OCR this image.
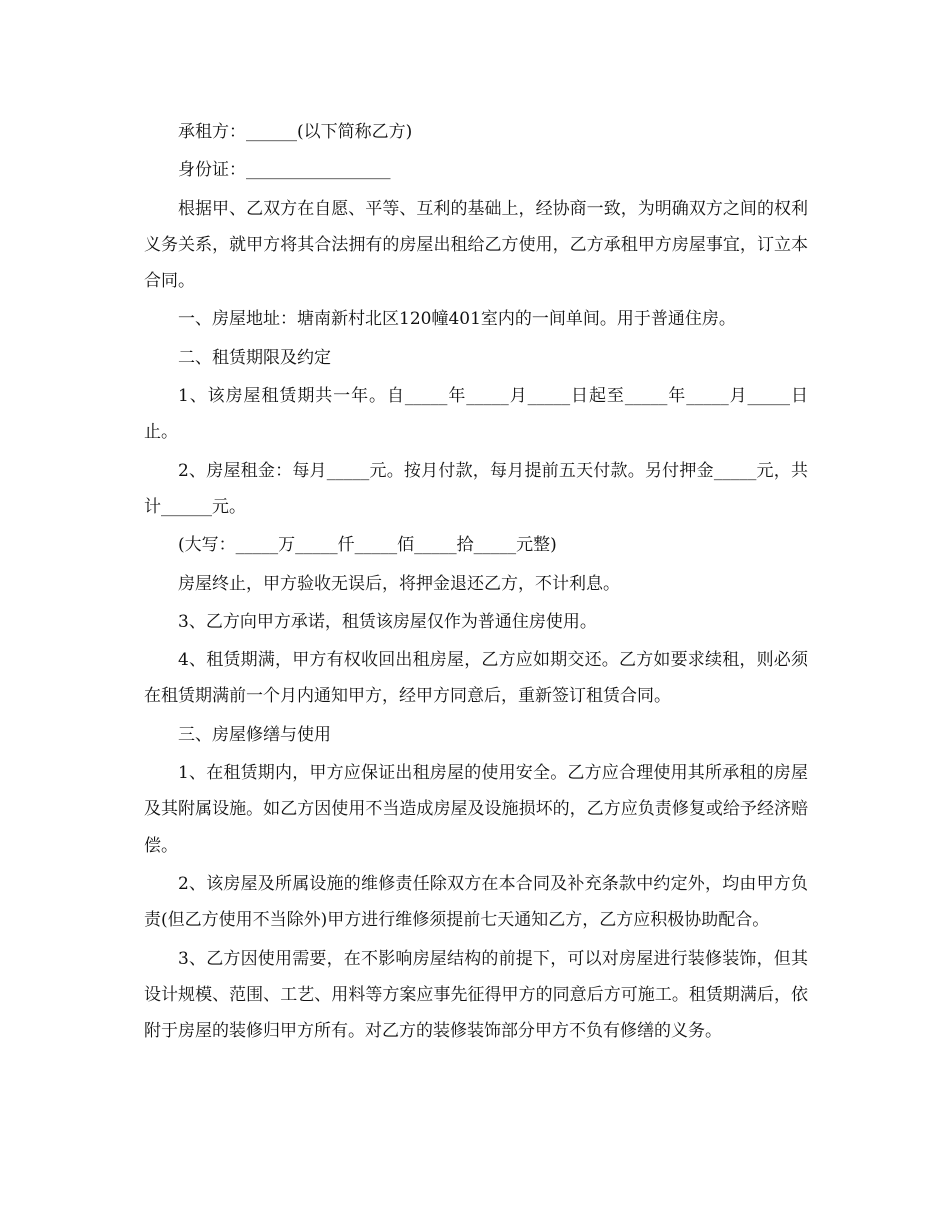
承租方：______(以下简称乙方)

身份证：_________________

根据甲、乙双方在自愿、平等、互利的基础上，经协商一致，为明确双方之间的权利义务关系，就甲方将其合法拥有的房屋出租给乙方使用，乙方承租甲方房屋事宜，订立本合同。

一、房屋地址：塘南新村北区120幢401室内的一间单间。用于普通住房。

二、租赁期限及约定

1、该房屋租赁期共一年。自_____年_____月_____日起至_____年_____月_____日止。

2、房屋租金：每月_____元。按月付款，每月提前五天付款。另付押金_____元，共计______元。

(大写：_____万_____仟_____佰_____拾_____元整)

房屋终止，甲方验收无误后，将押金退还乙方，不计利息。

3、乙方向甲方承诺，租赁该房屋仅作为普通住房使用。

4、租赁期满，甲方有权收回出租房屋，乙方应如期交还。乙方如要求续租，则必须在租赁期满前一个月内通知甲方，经甲方同意后，重新签订租赁合同。

三、房屋修缮与使用

1、在租赁期内，甲方应保证出租房屋的使用安全。乙方应合理使用其所承租的房屋及其附属设施。如乙方因使用不当造成房屋及设施损坏的，乙方应负责修复或给予经济赔偿。

2、该房屋及所属设施的维修责任除双方在本合同及补充条款中约定外，均由甲方负责(但乙方使用不当除外)甲方进行维修须提前七天通知乙方，乙方应积极协助配合。

3、乙方因使用需要，在不影响房屋结构的前提下，可以对房屋进行装修装饰，但其设计规模、范围、工艺、用料等方案应事先征得甲方的同意后方可施工。租赁期满后，依附于房屋的装修归甲方所有。对乙方的装修装饰部分甲方不负有修缮的义务。
